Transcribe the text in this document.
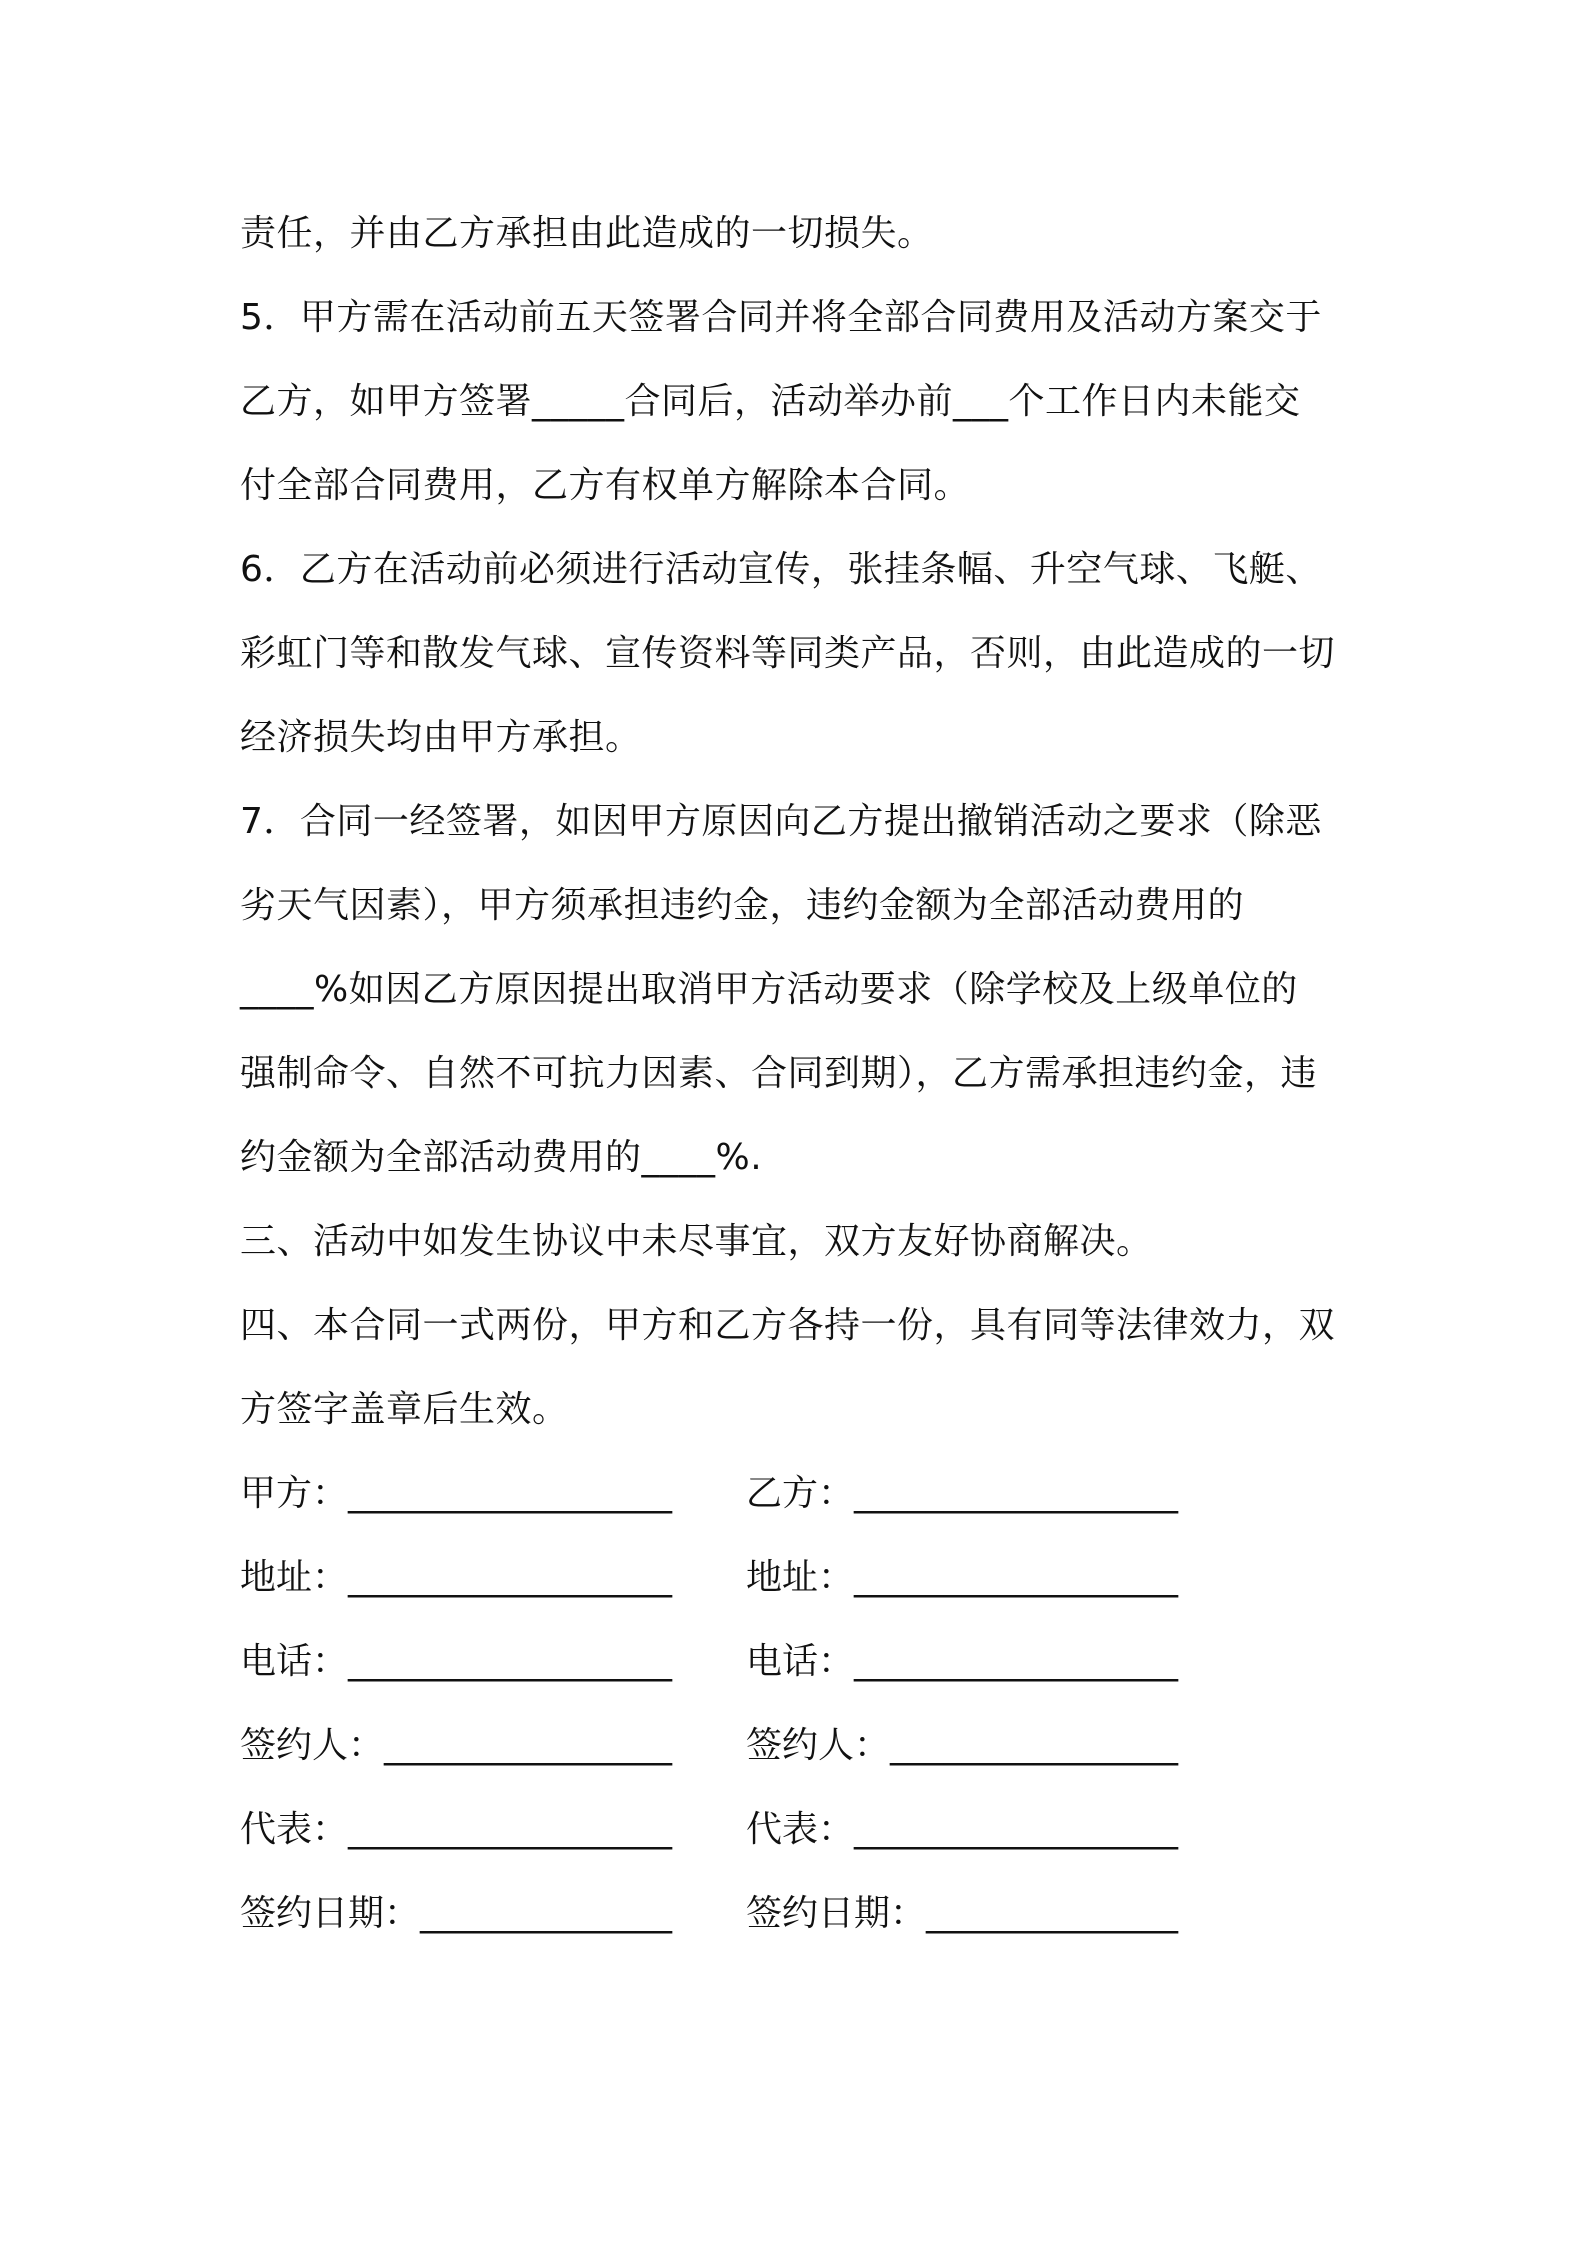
责任，并由乙方承担由此造成的一切损失。
5．甲方需在活动前五天签署合同并将全部合同费用及活动方案交于
乙方，如甲方签署_____合同后，活动举办前___个工作日内未能交
付全部合同费用，乙方有权单方解除本合同。
6．乙方在活动前必须进行活动宣传，张挂条幅、升空气球、飞艇、
彩虹门等和散发气球、宣传资料等同类产品，否则，由此造成的一切
经济损失均由甲方承担。
7．合同一经签署，如因甲方原因向乙方提出撤销活动之要求（除恶
劣天气因素），甲方须承担违约金，违约金额为全部活动费用的
____%如因乙方原因提出取消甲方活动要求（除学校及上级单位的
强制命令、自然不可抗力因素、合同到期），乙方需承担违约金，违
约金额为全部活动费用的____%.
三、活动中如发生协议中未尽事宜，双方友好协商解决。
四、本合同一式两份，甲方和乙方各持一份，具有同等法律效力，双
方签字盖章后生效。
甲方：__________________ 乙方：__________________
地址：__________________ 地址：__________________
电话：__________________ 电话：__________________
签约人：________________ 签约人：________________
代表：__________________ 代表：__________________
签约日期：______________ 签约日期：______________
